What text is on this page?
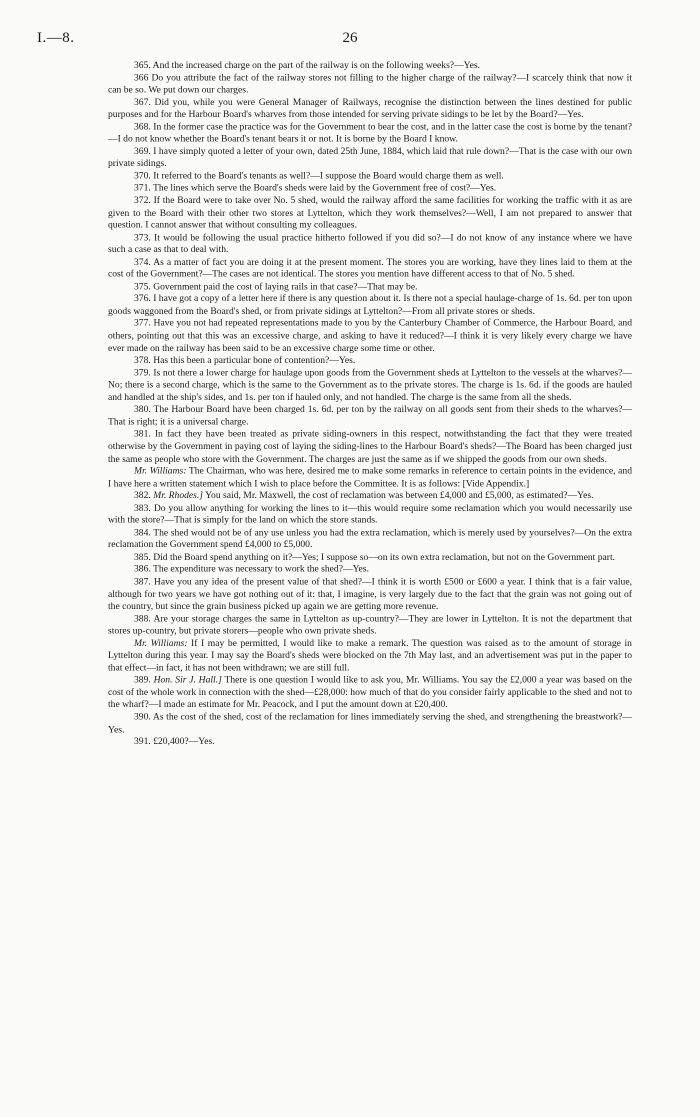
I.—8.	26

365. And the increased charge on the part of the railway is on the following weeks?—Yes.

366 Do you attribute the fact of the railway stores not filling to the higher charge of the railway?—I scarcely think that now it can be so. We put down our charges.

367. Did you, while you were General Manager of Railways, recognise the distinction between the lines destined for public purposes and for the Harbour Board's wharves from those intended for serving private sidings to be let by the Board?—Yes.

368. In the former case the practice was for the Government to bear the cost, and in the latter case the cost is borne by the tenant?—I do not know whether the Board's tenant bears it or not. It is borne by the Board I know.

369. I have simply quoted a letter of your own, dated 25th June, 1884, which laid that rule down?—That is the case with our own private sidings.

370. It referred to the Board's tenants as well?—I suppose the Board would charge them as well.

371. The lines which serve the Board's sheds were laid by the Government free of cost?—Yes.

372. If the Board were to take over No. 5 shed, would the railway afford the same facilities for working the traffic with it as are given to the Board with their other two stores at Lyttelton, which they work themselves?—Well, I am not prepared to answer that question. I cannot answer that without consulting my colleagues.

373. It would be following the usual practice hitherto followed if you did so?—I do not know of any instance where we have such a case as that to deal with.

374. As a matter of fact you are doing it at the present moment. The stores you are working, have they lines laid to them at the cost of the Government?—The cases are not identical. The stores you mention have different access to that of No. 5 shed.

375. Government paid the cost of laying rails in that case?—That may be.

376. I have got a copy of a letter here if there is any question about it. Is there not a special haulage-charge of 1s. 6d. per ton upon goods waggoned from the Board's shed, or from private sidings at Lyttelton?—From all private stores or sheds.

377. Have you not had repeated representations made to you by the Canterbury Chamber of Commerce, the Harbour Board, and others, pointing out that this was an excessive charge, and asking to have it reduced?—I think it is very likely every charge we have ever made on the railway has been said to be an excessive charge some time or other.

378. Has this been a particular bone of contention?—Yes.

379. Is not there a lower charge for haulage upon goods from the Government sheds at Lyttelton to the vessels at the wharves?—No; there is a second charge, which is the same to the Government as to the private stores. The charge is 1s. 6d. if the goods are hauled and handled at the ship's sides, and 1s. per ton if hauled only, and not handled. The charge is the same from all the sheds.

380. The Harbour Board have been charged 1s. 6d. per ton by the railway on all goods sent from their sheds to the wharves?—That is right; it is a universal charge.

381. In fact they have been treated as private siding-owners in this respect, notwithstanding the fact that they were treated otherwise by the Government in paying cost of laying the siding-lines to the Harbour Board's sheds?—The Board has been charged just the same as people who store with the Government. The charges are just the same as if we shipped the goods from our own sheds.

Mr. Williams: The Chairman, who was here, desired me to make some remarks in reference to certain points in the evidence, and I have here a written statement which I wish to place before the Committee. It is as follows: [Vide Appendix.]

382. Mr. Rhodes.] You said, Mr. Maxwell, the cost of reclamation was between £4,000 and £5,000, as estimated?—Yes.

383. Do you allow anything for working the lines to it—this would require some reclamation which you would necessarily use with the store?—That is simply for the land on which the store stands.

384. The shed would not be of any use unless you had the extra reclamation, which is merely used by yourselves?—On the extra reclamation the Government spend £4,000 to £5,000.

385. Did the Board spend anything on it?—Yes; I suppose so—on its own extra reclamation, but not on the Government part.

386. The expenditure was necessary to work the shed?—Yes.

387. Have you any idea of the present value of that shed?—I think it is worth £500 or £600 a year. I think that is a fair value, although for two years we have got nothing out of it: that, I imagine, is very largely due to the fact that the grain was not going out of the country, but since the grain business picked up again we are getting more revenue.

388. Are your storage charges the same in Lyttelton as up-country?—They are lower in Lyttelton. It is not the department that stores up-country, but private storers—people who own private sheds.

Mr. Williams: If I may be permitted, I would like to make a remark. The question was raised as to the amount of storage in Lyttelton during this year. I may say the Board's sheds were blocked on the 7th May last, and an advertisement was put in the paper to that effect—in fact, it has not been withdrawn; we are still full.

389. Hon. Sir J. Hall.] There is one question I would like to ask you, Mr. Williams. You say the £2,000 a year was based on the cost of the whole work in connection with the shed—£28,000: how much of that do you consider fairly applicable to the shed and not to the wharf?—I made an estimate for Mr. Peacock, and I put the amount down at £20,400.

390. As the cost of the shed, cost of the reclamation for lines immediately serving the shed, and strengthening the breastwork?—Yes.

391. £20,400?—Yes.
